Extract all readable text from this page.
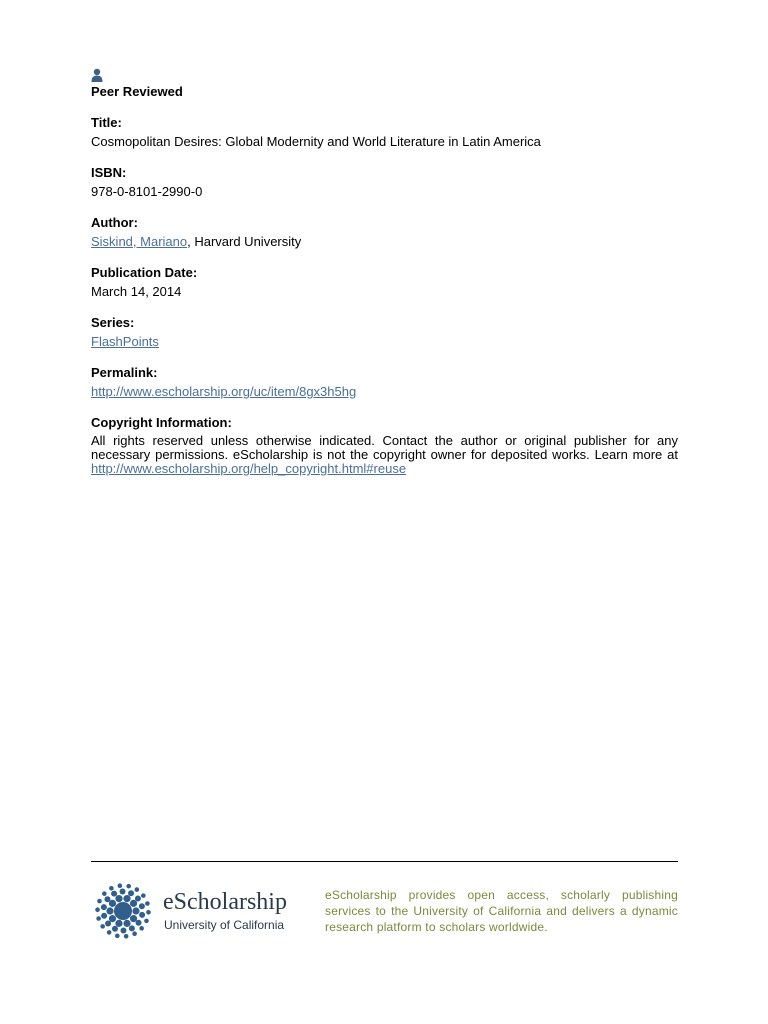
Peer Reviewed
Title:
Cosmopolitan Desires: Global Modernity and World Literature in Latin America
ISBN:
978-0-8101-2990-0
Author:
Siskind, Mariano, Harvard University
Publication Date:
March 14, 2014
Series:
FlashPoints
Permalink:
http://www.escholarship.org/uc/item/8gx3h5hg
Copyright Information:
All rights reserved unless otherwise indicated. Contact the author or original publisher for any necessary permissions. eScholarship is not the copyright owner for deposited works. Learn more at http://www.escholarship.org/help_copyright.html#reuse
eScholarship
University of California
eScholarship provides open access, scholarly publishing services to the University of California and delivers a dynamic research platform to scholars worldwide.
